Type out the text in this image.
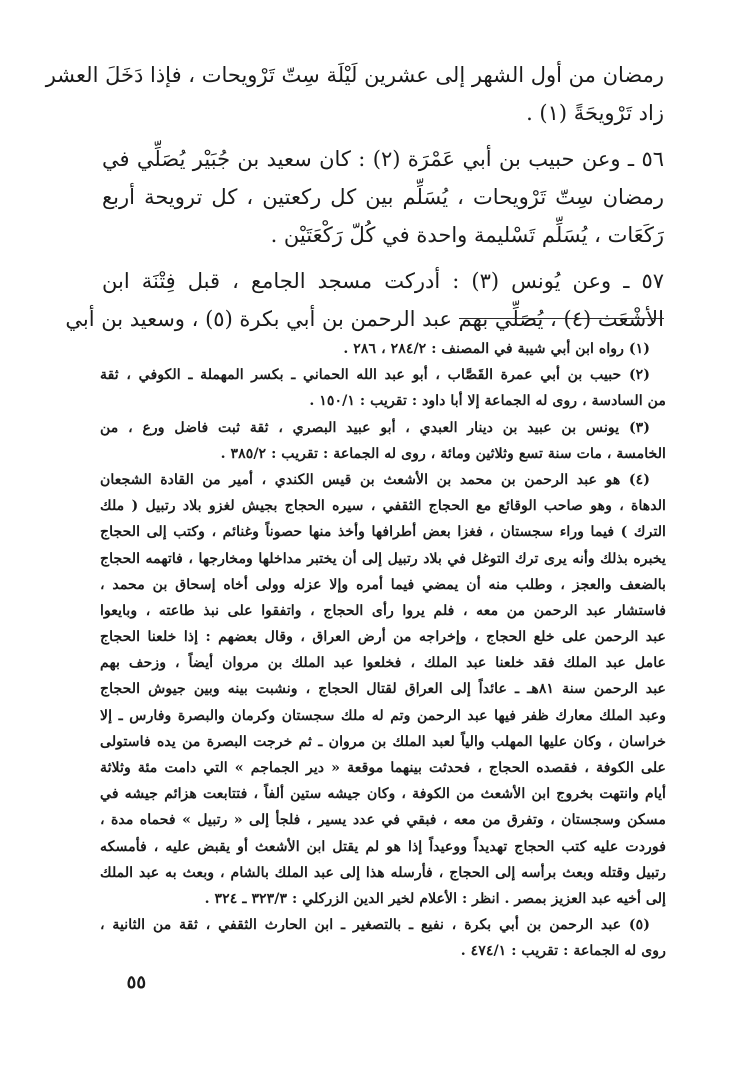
رمضان من أول الشهر إلى عشرين لَيْلَة سِتّ تَرْويحات ، فإذا دَخَلَ العشر
زاد تَرْويحَةً (١) .
٥٦ ـ وعن حبيب بن أبي عَمْرَة (٢) : كان سعيد بن جُبَيْر يُصَلِّي في
رمضان سِتّ تَرْويحات ، يُسَلِّم بين كل ركعتين ، كل ترويحة أربع
رَكَعَات ، يُسَلِّم تَسْليمة واحدة في كُلّ رَكْعَتَيْن .
٥٧ ـ وعن يُونس (٣) : أدركت مسجد الجامع ، قبل فِتْنَة ابن
الأشْعَث (٤) ، يُصَلِّي بهم عبد الرحمن بن أبي بكرة (٥) ، وسعيد بن أبي
(١) رواه ابن أبي شيبة في المصنف : ٢٨٤/٢ ، ٢٨٦ .
(٢) حبيب بن أبي عمرة القَصَّاب ، أبو عبد الله الحماني ـ بكسر المهملة ـ الكوفي ، ثقة
من السادسة ، روى له الجماعة إلا أبا داود : تقريب : ١٥٠/١ .
(٣) يونس بن عبيد بن دينار العبدي ، أبو عبيد البصري ، ثقة ثبت فاضل ورع ، من
الخامسة ، مات سنة تسع وثلاثين ومائة ، روى له الجماعة : تقريب : ٣٨٥/٢ .
(٤) هو عبد الرحمن بن محمد بن الأشعث بن قيس الكندي ، أمير من القادة الشجعان
الدهاة ، وهو صاحب الوقائع مع الحجاج الثقفي ، سيره الحجاج بجيش لغزو بلاد رتبيل ( ملك
الترك ) فيما وراء سجستان ، فغزا بعض أطرافها وأخذ منها حصوناً وغنائم ، وكتب إلى الحجاج
يخبره بذلك وأنه يرى ترك التوغل في بلاد رتبيل إلى أن يختبر مداخلها ومخارجها ، فاتهمه الحجاج
بالضعف والعجز ، وطلب منه أن يمضي فيما أمره وإلا عزله وولى أخاه إسحاق بن محمد ،
فاستشار عبد الرحمن من معه ، فلم يروا رأى الحجاج ، واتفقوا على نبذ طاعته ، وبايعوا
عبد الرحمن على خلع الحجاج ، وإخراجه من أرض العراق ، وقال بعضهم : إذا خلعنا الحجاج
عامل عبد الملك فقد خلعنا عبد الملك ، فخلعوا عبد الملك بن مروان أيضاً ، وزحف بهم
عبد الرحمن سنة ٨١هـ ـ عائداً إلى العراق لقتال الحجاج ، ونشبت بينه وبين جيوش الحجاج
وعبد الملك معارك ظفر فيها عبد الرحمن وتم له ملك سجستان وكرمان والبصرة وفارس ـ إلا
خراسان ، وكان عليها المهلب والياً لعبد الملك بن مروان ـ ثم خرجت البصرة من يده فاستولى
على الكوفة ، فقصده الحجاج ، فحدثت بينهما موقعة « دير الجماجم » التي دامت مئة وثلاثة
أيام وانتهت بخروج ابن الأشعث من الكوفة ، وكان جيشه ستين ألفاً ، فتتابعت هزائم جيشه في
مسكن وسجستان ، وتفرق من معه ، فبقي في عدد يسير ، فلجأ إلى « رتبيل » فحماه مدة ،
فوردت عليه كتب الحجاج تهديداً ووعيداً إذا هو لم يقتل ابن الأشعث أو يقبض عليه ، فأمسكه
رتبيل وقتله وبعث برأسه إلى الحجاج ، فأرسله هذا إلى عبد الملك بالشام ، وبعث به عبد الملك
إلى أخيه عبد العزيز بمصر . انظر : الأعلام لخير الدين الزركلي : ٣٢٣/٣ ـ ٣٢٤ .
(٥) عبد الرحمن بن أبي بكرة ، نفيع ـ بالتصغير ـ ابن الحارث الثقفي ، ثقة من الثانية ،
روى له الجماعة : تقريب : ٤٧٤/١ .
٥٥
